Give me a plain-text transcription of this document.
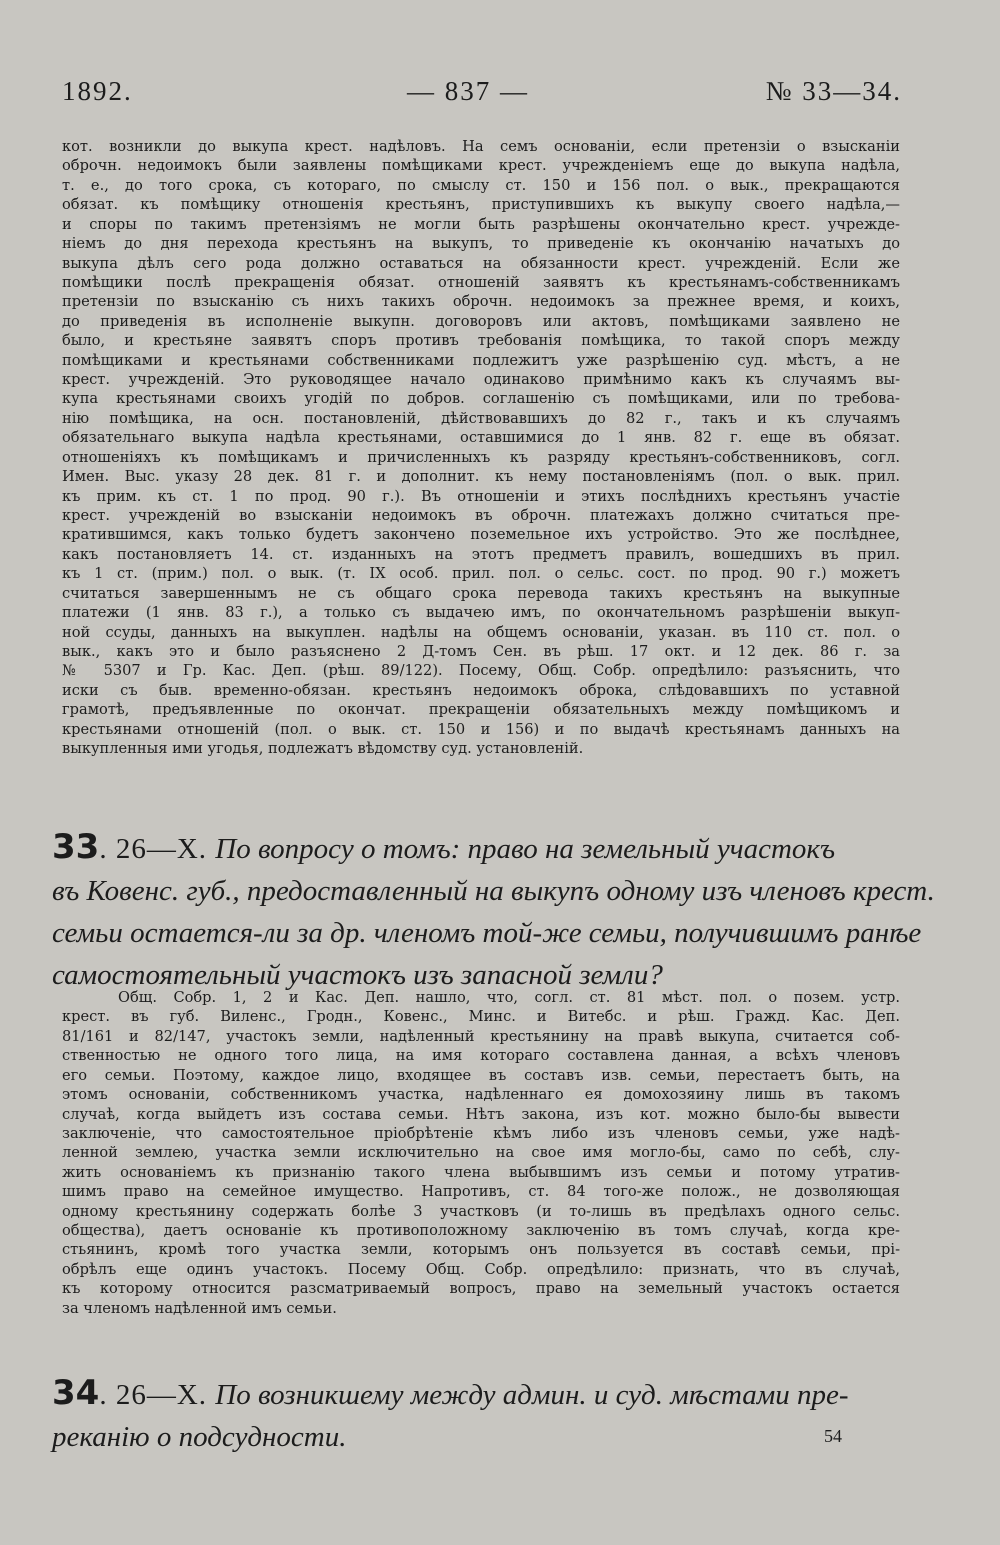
1892.	— 837 —	№ 33—34.
кот. возникли до выкупа крест. надѣловъ. На семъ основаніи, если претензіи о взысканіи
оброчн. недоимокъ были заявлены помѣщиками крест. учрежденіемъ еще до выкупа надѣла,
т. е., до того срока, съ котораго, по смыслу ст. 150 и 156 пол. о вык., прекращаются
обязат. къ помѣщику отношенія крестьянъ, приступившихъ къ выкупу своего надѣла,—
и споры по такимъ претензіямъ не могли быть разрѣшены окончательно крест. учрежде-
ніемъ до дня перехода крестьянъ на выкупъ, то приведеніе къ окончанію начатыхъ до
выкупа дѣлъ сего рода должно оставаться на обязанности крест. учрежденій. Если же
помѣщики послѣ прекращенія обязат. отношеній заявятъ къ крестьянамъ-собственникамъ
претензіи по взысканію съ нихъ такихъ оброчн. недоимокъ за прежнее время, и коихъ,
до приведенія въ исполненіе выкупн. договоровъ или актовъ, помѣщиками заявлено не
было, и крестьяне заявятъ споръ противъ требованія помѣщика, то такой споръ между
помѣщиками и крестьянами собственниками подлежитъ уже разрѣшенію суд. мѣстъ, а не
крест. учрежденій. Это руководящее начало одинаково примѣнимо какъ къ случаямъ вы-
купа крестьянами своихъ угодій по добров. соглашенію съ помѣщиками, или по требова-
нію помѣщика, на осн. постановленій, дѣйствовавшихъ до 82 г., такъ и къ случаямъ
обязательнаго выкупа надѣла крестьянами, оставшимися до 1 янв. 82 г. еще въ обязат.
отношеніяхъ къ помѣщикамъ и причисленныхъ къ разряду крестьянъ-собственниковъ, согл.
Имен. Выс. указу 28 дек. 81 г. и дополнит. къ нему постановленіямъ (пол. о вык. прил.
къ прим. къ ст. 1 по прод. 90 г.). Въ отношеніи и этихъ послѣднихъ крестьянъ участіе
крест. учрежденій во взысканіи недоимокъ въ оброчн. платежахъ должно считаться пре-
кратившимся, какъ только будетъ закончено поземельное ихъ устройство. Это же послѣднее,
какъ постановляетъ 14. ст. изданныхъ на этотъ предметъ правилъ, вошедшихъ въ прил.
къ 1 ст. (прим.) пол. о вык. (т. IX особ. прил. пол. о сельс. сост. по прод. 90 г.) можетъ
считаться завершеннымъ не съ общаго срока перевода такихъ крестьянъ на выкупные
платежи (1 янв. 83 г.), а только съ выдачею имъ, по окончательномъ разрѣшеніи выкуп-
ной ссуды, данныхъ на выкуплен. надѣлы на общемъ основаніи, указан. въ 110 ст. пол. о
вык., какъ это и было разъяснено 2 Д-томъ Сен. въ рѣш. 17 окт. и 12 дек. 86 г. за
№ 5307 и Гр. Кас. Деп. (рѣш. 89/122). Посему, Общ. Собр. опредѣлило: разъяснить, что
иски съ быв. временно-обязан. крестьянъ недоимокъ оброка, слѣдовавшихъ по уставной
грамотѣ, предъявленные по окончат. прекращеніи обязательныхъ между помѣщикомъ и
крестьянами отношеній (пол. о вык. ст. 150 и 156) и по выдачѣ крестьянамъ данныхъ на
выкупленныя ими угодья, подлежатъ вѣдомству суд. установленій.
33. 26—X. По вопросу о томъ: право на земельный участокъ
въ Ковенс. губ., предоставленный на выкупъ одному изъ членовъ крест.
семьи остается-ли за др. членомъ той-же семьи, получившимъ ранѣе
самостоятельный участокъ изъ запасной земли?
Общ. Собр. 1, 2 и Кас. Деп. нашло, что, согл. ст. 81 мѣст. пол. о позем. устр.
крест. въ губ. Виленс., Гродн., Ковенс., Минс. и Витебс. и рѣш. Гражд. Кас. Деп.
81/161 и 82/147, участокъ земли, надѣленный крестьянину на правѣ выкупа, считается соб-
ственностью не одного того лица, на имя котораго составлена данная, а всѣхъ членовъ
его семьи. Поэтому, каждое лицо, входящее въ составъ изв. семьи, перестаетъ быть, на
этомъ основаніи, собственникомъ участка, надѣленнаго ея домохозяину лишь въ такомъ
случаѣ, когда выйдетъ изъ состава семьи. Нѣтъ закона, изъ кот. можно было-бы вывести
заключеніе, что самостоятельное пріобрѣтеніе кѣмъ либо изъ членовъ семьи, уже надѣ-
ленной землею, участка земли исключительно на свое имя могло-бы, само по себѣ, слу-
жить основаніемъ къ признанію такого члена выбывшимъ изъ семьи и потому утратив-
шимъ право на семейное имущество. Напротивъ, ст. 84 того-же полож., не дозволяющая
одному крестьянину содержать болѣе 3 участковъ (и то-лишь въ предѣлахъ одного сельс.
общества), даетъ основаніе къ противоположному заключенію въ томъ случаѣ, когда кре-
стьянинъ, кромѣ того участка земли, которымъ онъ пользуется въ составѣ семьи, прі-
обрѣлъ еще одинъ участокъ. Посему Общ. Собр. опредѣлило: признать, что въ случаѣ,
къ которому относится разсматриваемый вопросъ, право на земельный участокъ остается
за членомъ надѣленной имъ семьи.
34. 26—X. По возникшему между админ. и суд. мѣстами пре-
реканію о подсудности.	54
